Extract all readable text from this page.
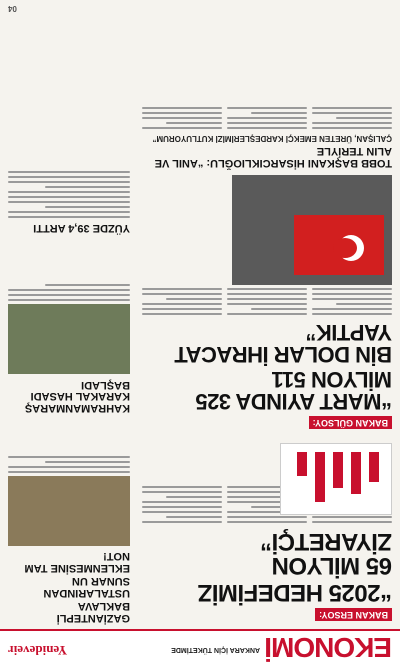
EKONOMİ
ANKARA İÇİN TÜKETİMDE
Yenideveir
BAKAN ERSOY:
“2025 HEDEFİMİZ
65 MİLYON ZİYARETÇİ”
BAKAN GÜLSOY:
“MART AYINDA 325 MİLYON 511
BİN DOLAR İHRACAT YAPTIK”
TOBB BAŞKANI HİSARCIKLIOĞLU: “ANIL VE ALIN TERİYLE
ÇALIŞAN, ÜRETEN EMEKÇİ KARDEŞLERİMİZİ KUTLUYORUM”
GAZİANTEPLİ BAKLAVA
USTALARINDAN SUNAR UN
EKLENMESİNE TAM NOT!
KAHRAMANMARAŞ KARAKAL HASADI BAŞLADI
YÜZDE 39,4 ARTTI
04
